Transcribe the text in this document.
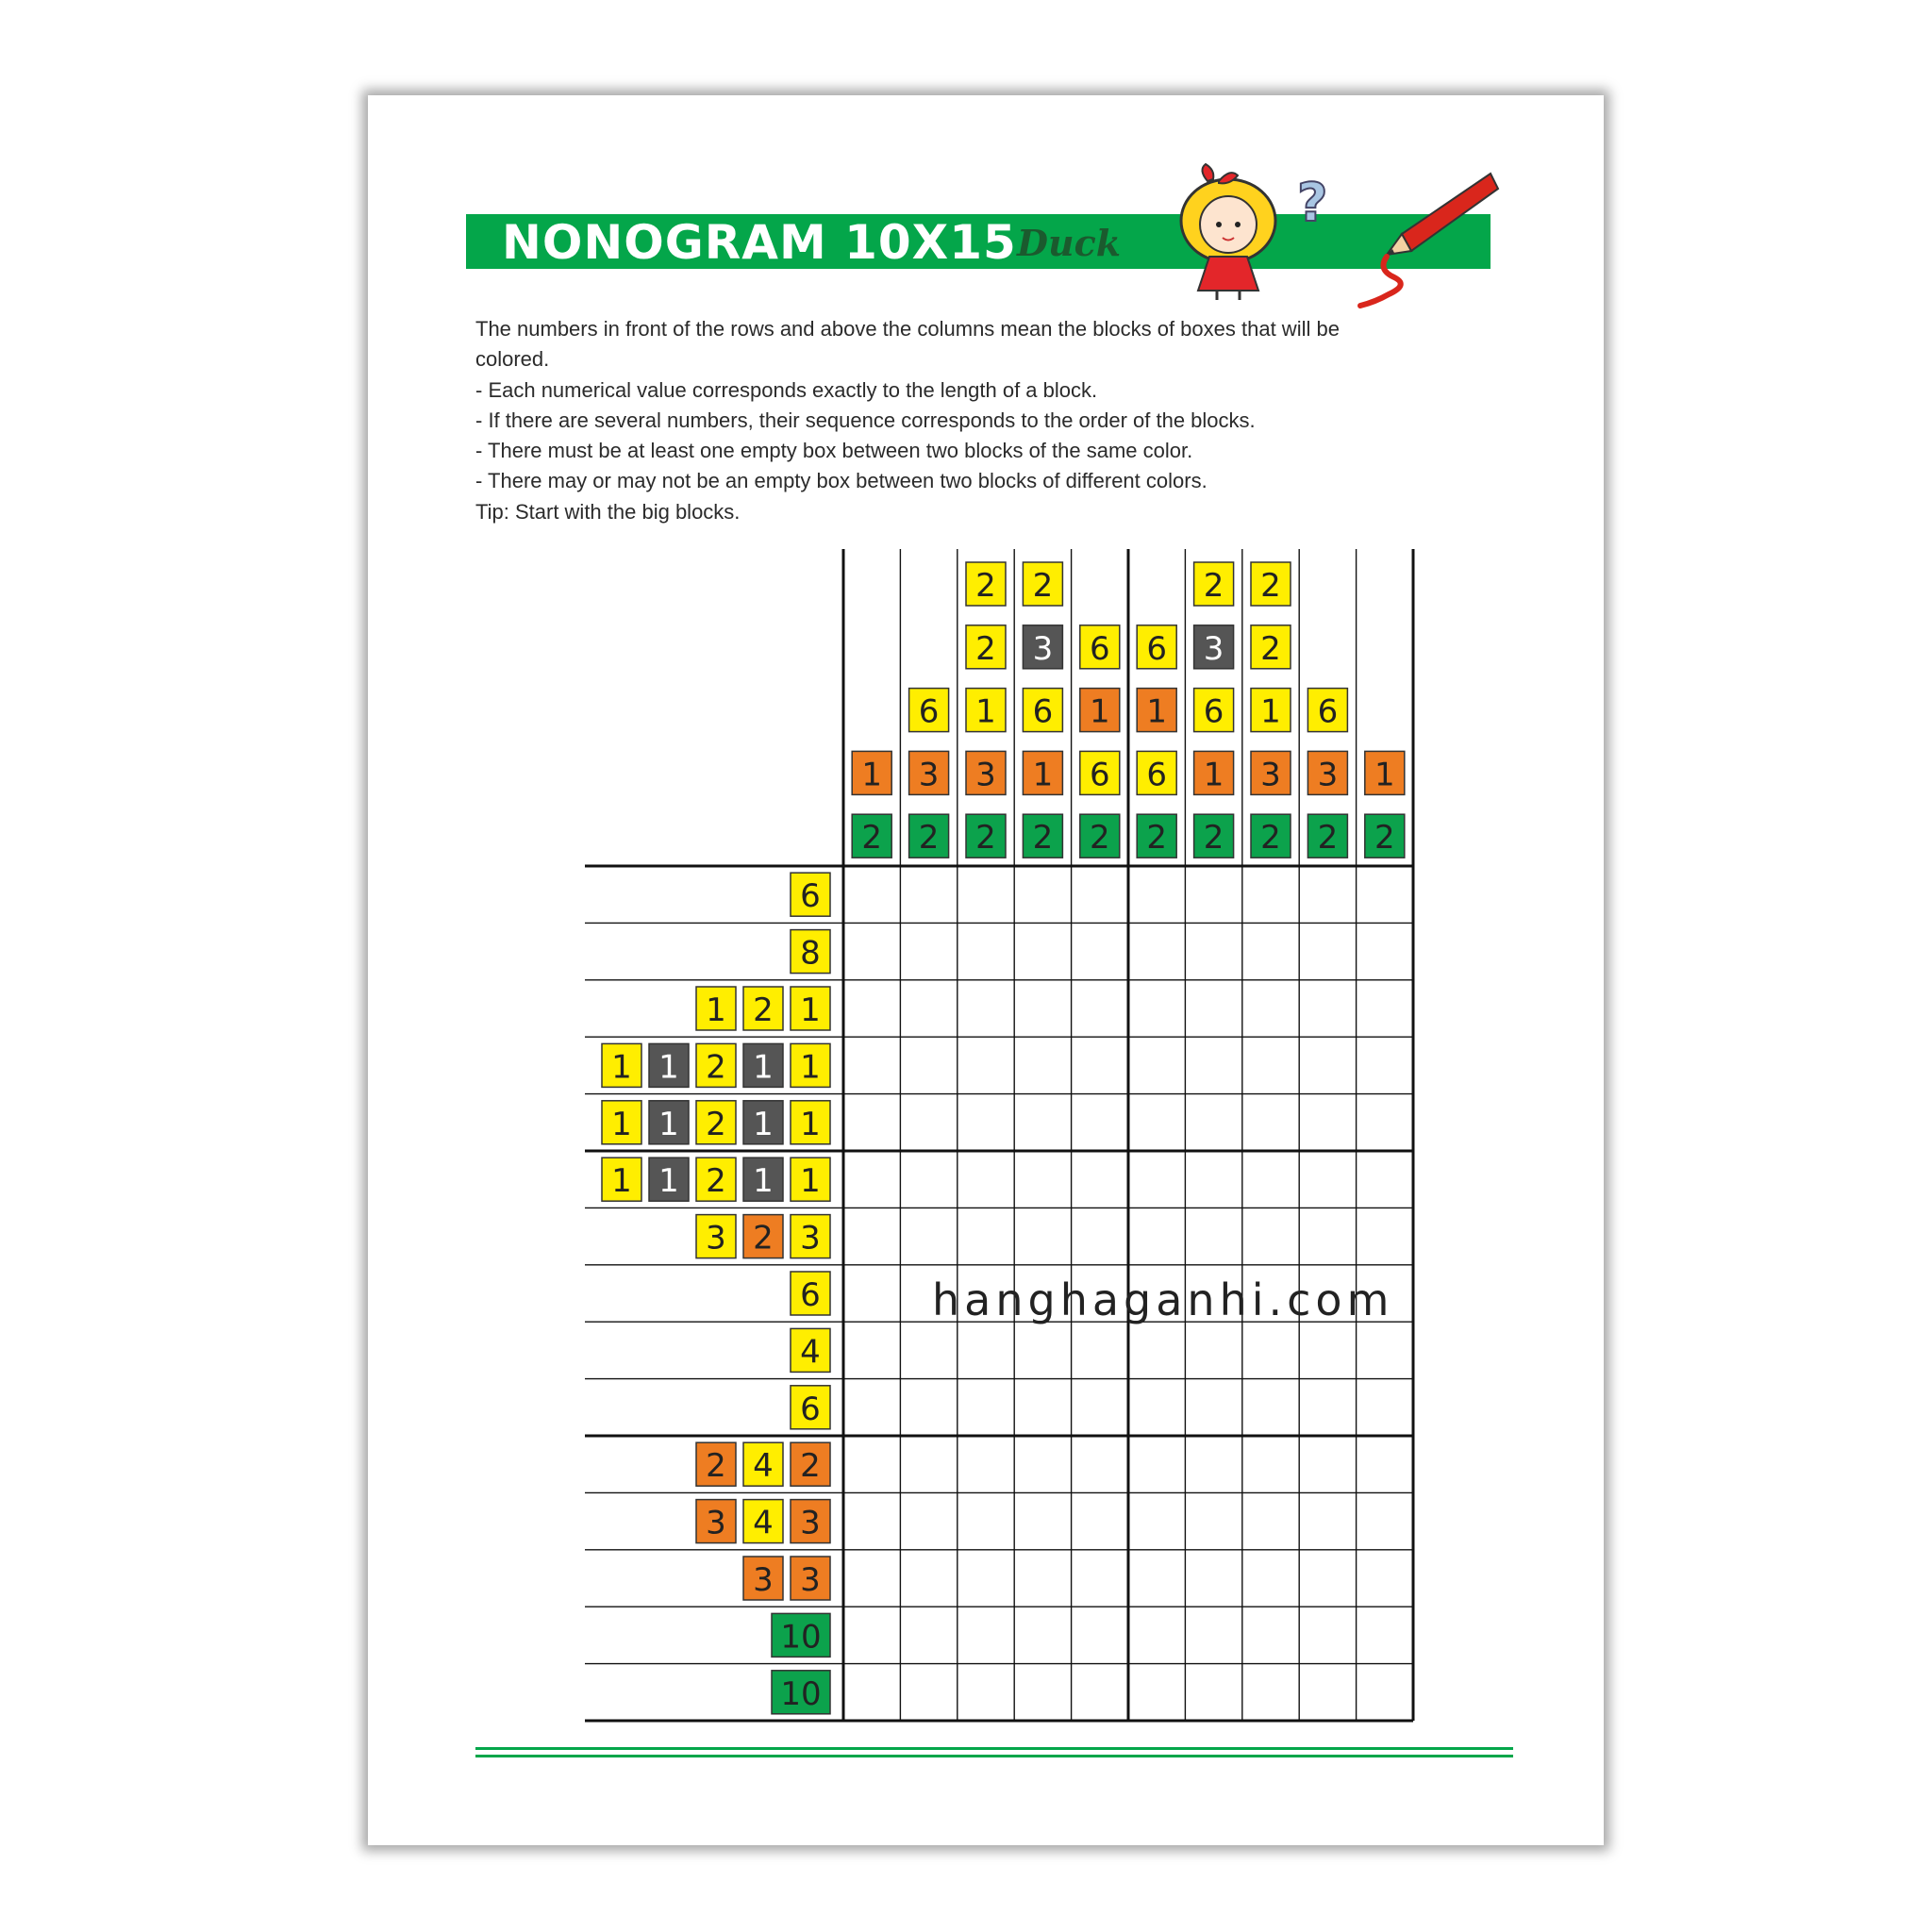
NONOGRAM 10X15 Duck
?
The numbers in front of the rows and above the columns mean the blocks of boxes that will be
colored.
- Each numerical value corresponds exactly to the length of a block.
- If there are several numbers, their sequence corresponds to the order of the blocks.
- There must be at least one empty box between two blocks of the same color.
- There may or may not be an empty box between two blocks of different colors.
Tip: Start with the big blocks.
1
2
6
3
2
2
2
1
3
2
2
3
6
1
2
6
1
6
2
6
1
6
2
2
3
6
1
2
2
2
1
3
2
6
3
2
1
2
6
8
1
2
1
1
1
2
1
1
1
1
2
1
1
1
1
2
1
1
3
2
3
6
4
6
2
4
2
3
4
3
3
3
10
10
hanghaganhi.com
